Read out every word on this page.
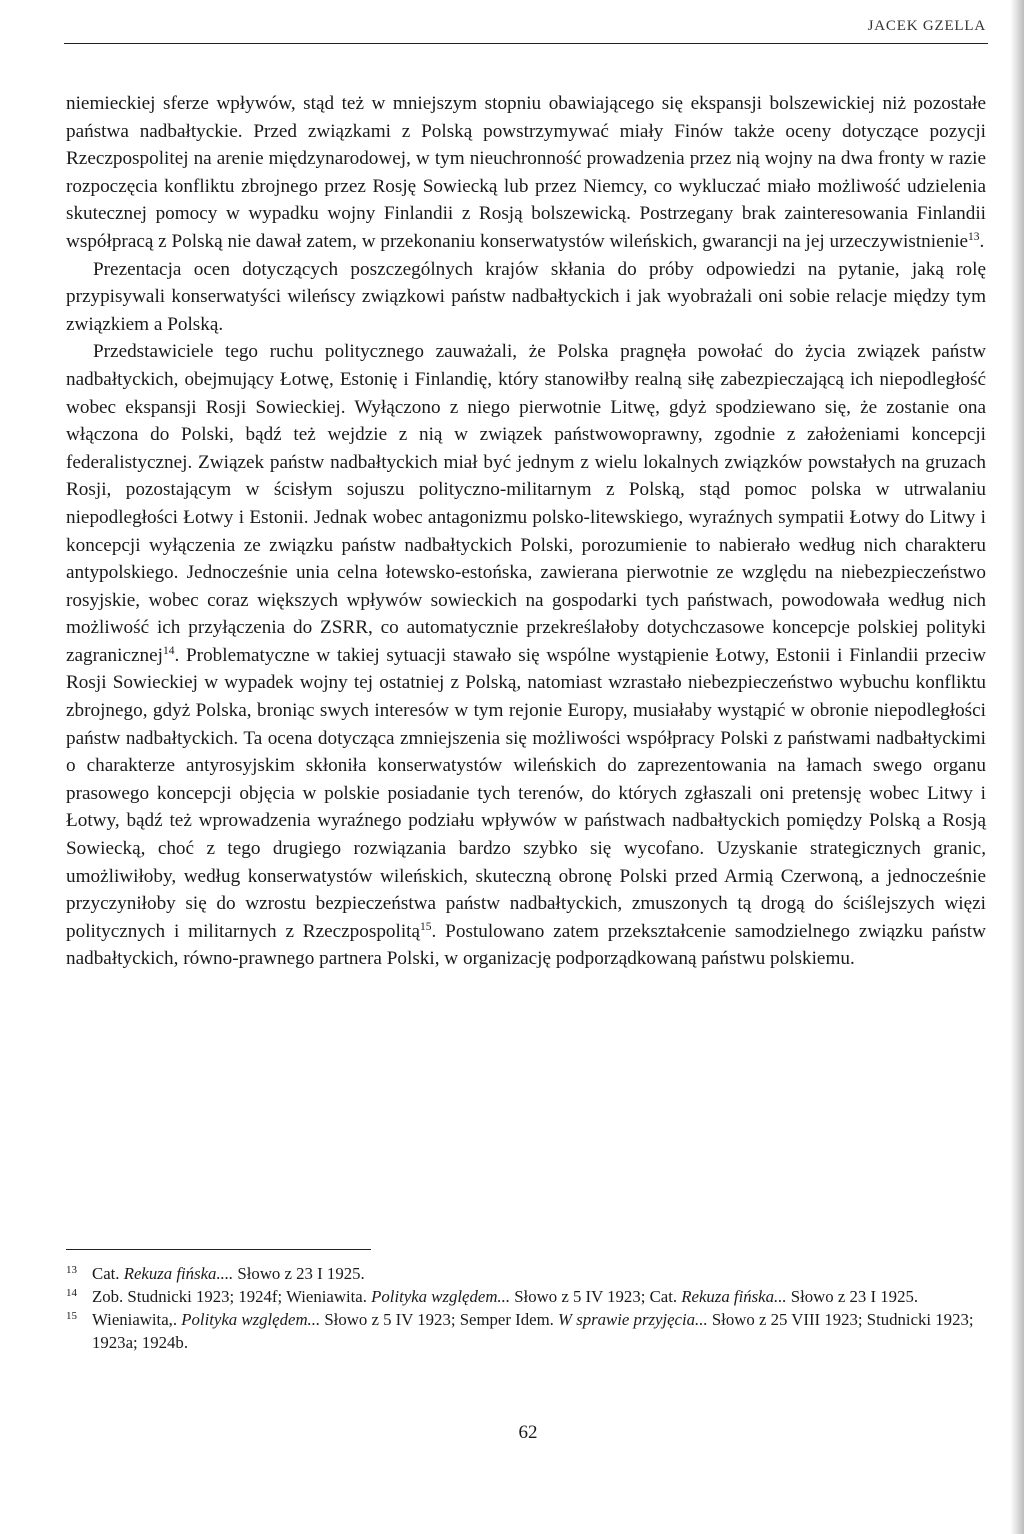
JACEK GZELLA

niemieckiej sferze wpływów, stąd też w mniejszym stopniu obawiającego się ekspansji bolszewickiej niż pozostałe państwa nadbałtyckie. Przed związkami z Polską powstrzymywać miały Finów także oceny dotyczące pozycji Rzeczpospolitej na arenie międzynarodowej, w tym nieuchronność prowadzenia przez nią wojny na dwa fronty w razie rozpoczęcia konfliktu zbrojnego przez Rosję Sowiecką lub przez Niemcy, co wykluczać miało możliwość udzielenia skutecznej pomocy w wypadku wojny Finlandii z Rosją bolszewicką. Postrzegany brak zainteresowania Finlandii współpracą z Polską nie dawał zatem, w przekonaniu konserwatystów wileńskich, gwarancji na jej urzeczywistnienie$^{13}$.

Prezentacja ocen dotyczących poszczególnych krajów skłania do próby odpowiedzi na pytanie, jaką rolę przypisywali konserwatyści wileńscy związkowi państw nadbałtyckich i jak wyobrażali oni sobie relacje między tym związkiem a Polską.

Przedstawiciele tego ruchu politycznego zauważali, że Polska pragnęła powołać do życia związek państw nadbałtyckich, obejmujący Łotwę, Estonię i Finlandię, który stanowiłby realną siłę zabezpieczającą ich niepodległość wobec ekspansji Rosji Sowieckiej. Wyłączono z niego pierwotnie Litwę, gdyż spodziewano się, że zostanie ona włączona do Polski, bądź też wejdzie z nią w związek państwowoprawny, zgodnie z założeniami koncepcji federalistycznej. Związek państw nadbałtyckich miał być jednym z wielu lokalnych związków powstałych na gruzach Rosji, pozostającym w ścisłym sojuszu polityczno-militarnym z Polską, stąd pomoc polska w utrwalaniu niepodległości Łotwy i Estonii. Jednak wobec antagonizmu polsko-litewskiego, wyraźnych sympatii Łotwy do Litwy i koncepcji wyłączenia ze związku państw nadbałtyckich Polski, porozumienie to nabierało według nich charakteru antypolskiego. Jednocześnie unia celna łotewsko-estońska, zawierana pierwotnie ze względu na niebezpieczeństwo rosyjskie, wobec coraz większych wpływów sowieckich na gospodarki tych państwach, powodowała według nich możliwość ich przyłączenia do ZSRR, co automatycznie przekreślałoby dotychczasowe koncepcje polskiej polityki zagranicznej$^{14}$. Problematyczne w takiej sytuacji stawało się wspólne wystąpienie Łotwy, Estonii i Finlandii przeciw Rosji Sowieckiej w wypadek wojny tej ostatniej z Polską, natomiast wzrastało niebezpieczeństwo wybuchu konfliktu zbrojnego, gdyż Polska, broniąc swych interesów w tym rejonie Europy, musiałaby wystąpić w obronie niepodległości państw nadbałtyckich. Ta ocena dotycząca zmniejszenia się możliwości współpracy Polski z państwami nadbałtyckimi o charakterze antyrosyjskim skłoniła konserwatystów wileńskich do zaprezentowania na łamach swego organu prasowego koncepcji objęcia w polskie posiadanie tych terenów, do których zgłaszali oni pretensję wobec Litwy i Łotwy, bądź też wprowadzenia wyraźnego podziału wpływów w państwach nadbałtyckich pomiędzy Polską a Rosją Sowiecką, choć z tego drugiego rozwiązania bardzo szybko się wycofano. Uzyskanie strategicznych granic, umożliwiłoby, według konserwatystów wileńskich, skuteczną obronę Polski przed Armią Czerwoną, a jednocześnie przyczyniłoby się do wzrostu bezpieczeństwa państw nadbałtyckich, zmuszonych tą drogą do ściślejszych więzi politycznych i militarnych z Rzeczpospolitą$^{15}$. Postulowano zatem przekształcenie samodzielnego związku państw nadbałtyckich, równo-prawnego partnera Polski, w organizację podporządkowaną państwu polskiemu.

13 Cat. Rekuza fińska.... Słowo z 23 I 1925.

14 Zob. Studnicki 1923; 1924f; Wieniawita. Polityka względem... Słowo z 5 IV 1923; Cat. Rekuza fińska... Słowo z 23 I 1925.

15 Wieniawita,. Polityka względem... Słowo z 5 IV 1923; Semper Idem. W sprawie przyjęcia... Słowo z 25 VIII 1923; Studnicki 1923; 1923a; 1924b.

62
